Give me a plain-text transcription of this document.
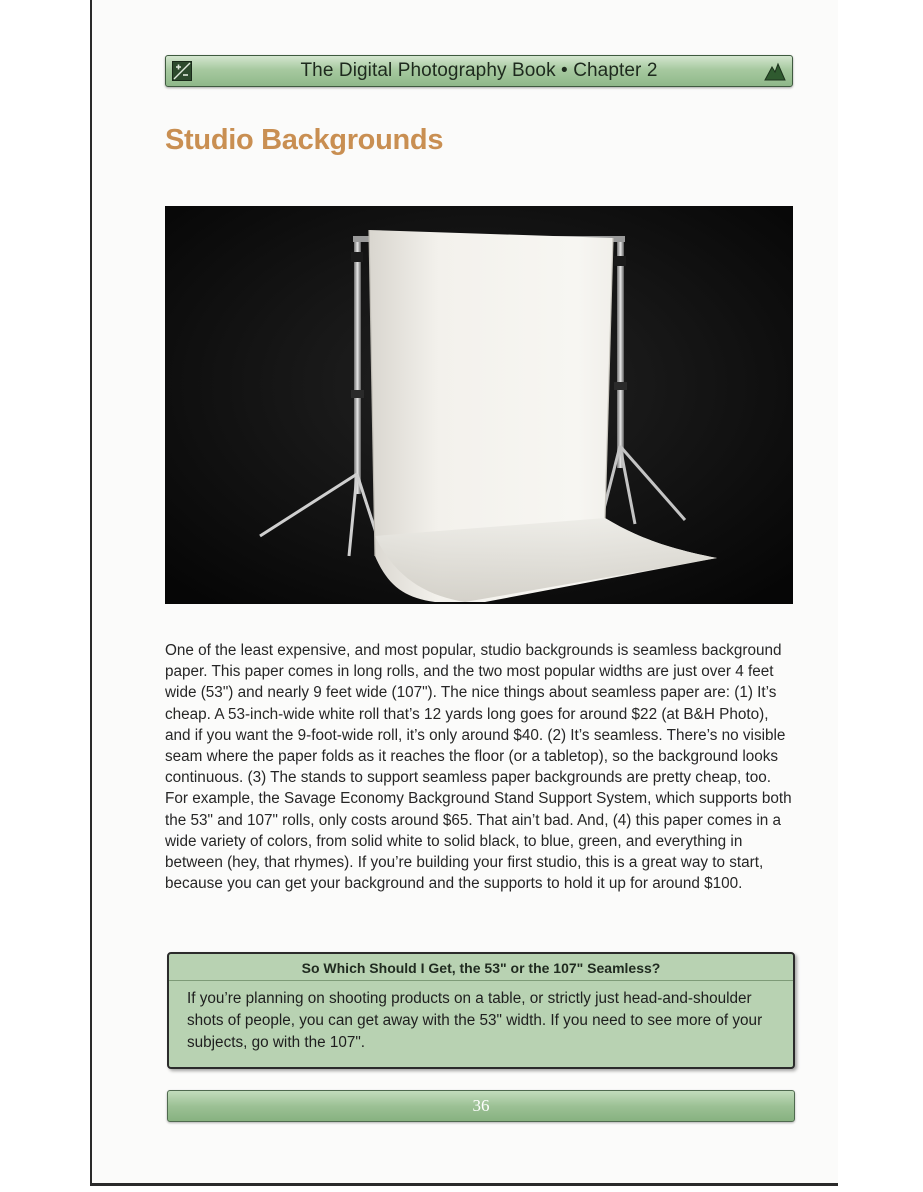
The Digital Photography Book • Chapter 2
Studio Backgrounds
One of the least expensive, and most popular, studio backgrounds is seamless background paper. This paper comes in long rolls, and the two most popular widths are just over 4 feet wide (53") and nearly 9 feet wide (107"). The nice things about seamless paper are: (1) It’s cheap. A 53-inch-wide white roll that’s 12 yards long goes for around $22 (at B&H Photo), and if you want the 9-foot-wide roll, it’s only around $40. (2) It’s seamless. There’s no visible seam where the paper folds as it reaches the floor (or a tabletop), so the background looks continuous. (3) The stands to support seamless paper backgrounds are pretty cheap, too. For example, the Savage Economy Background Stand Support System, which supports both the 53" and 107" rolls, only costs around $65. That ain’t bad. And, (4) this paper comes in a wide variety of colors, from solid white to solid black, to blue, green, and everything in between (hey, that rhymes). If you’re building your first studio, this is a great way to start, because you can get your background and the supports to hold it up for around $100.
So Which Should I Get, the 53" or the 107" Seamless?
If you’re planning on shooting products on a table, or strictly just head-and-shoulder shots of people, you can get away with the 53" width. If you need to see more of your subjects, go with the 107".
36
